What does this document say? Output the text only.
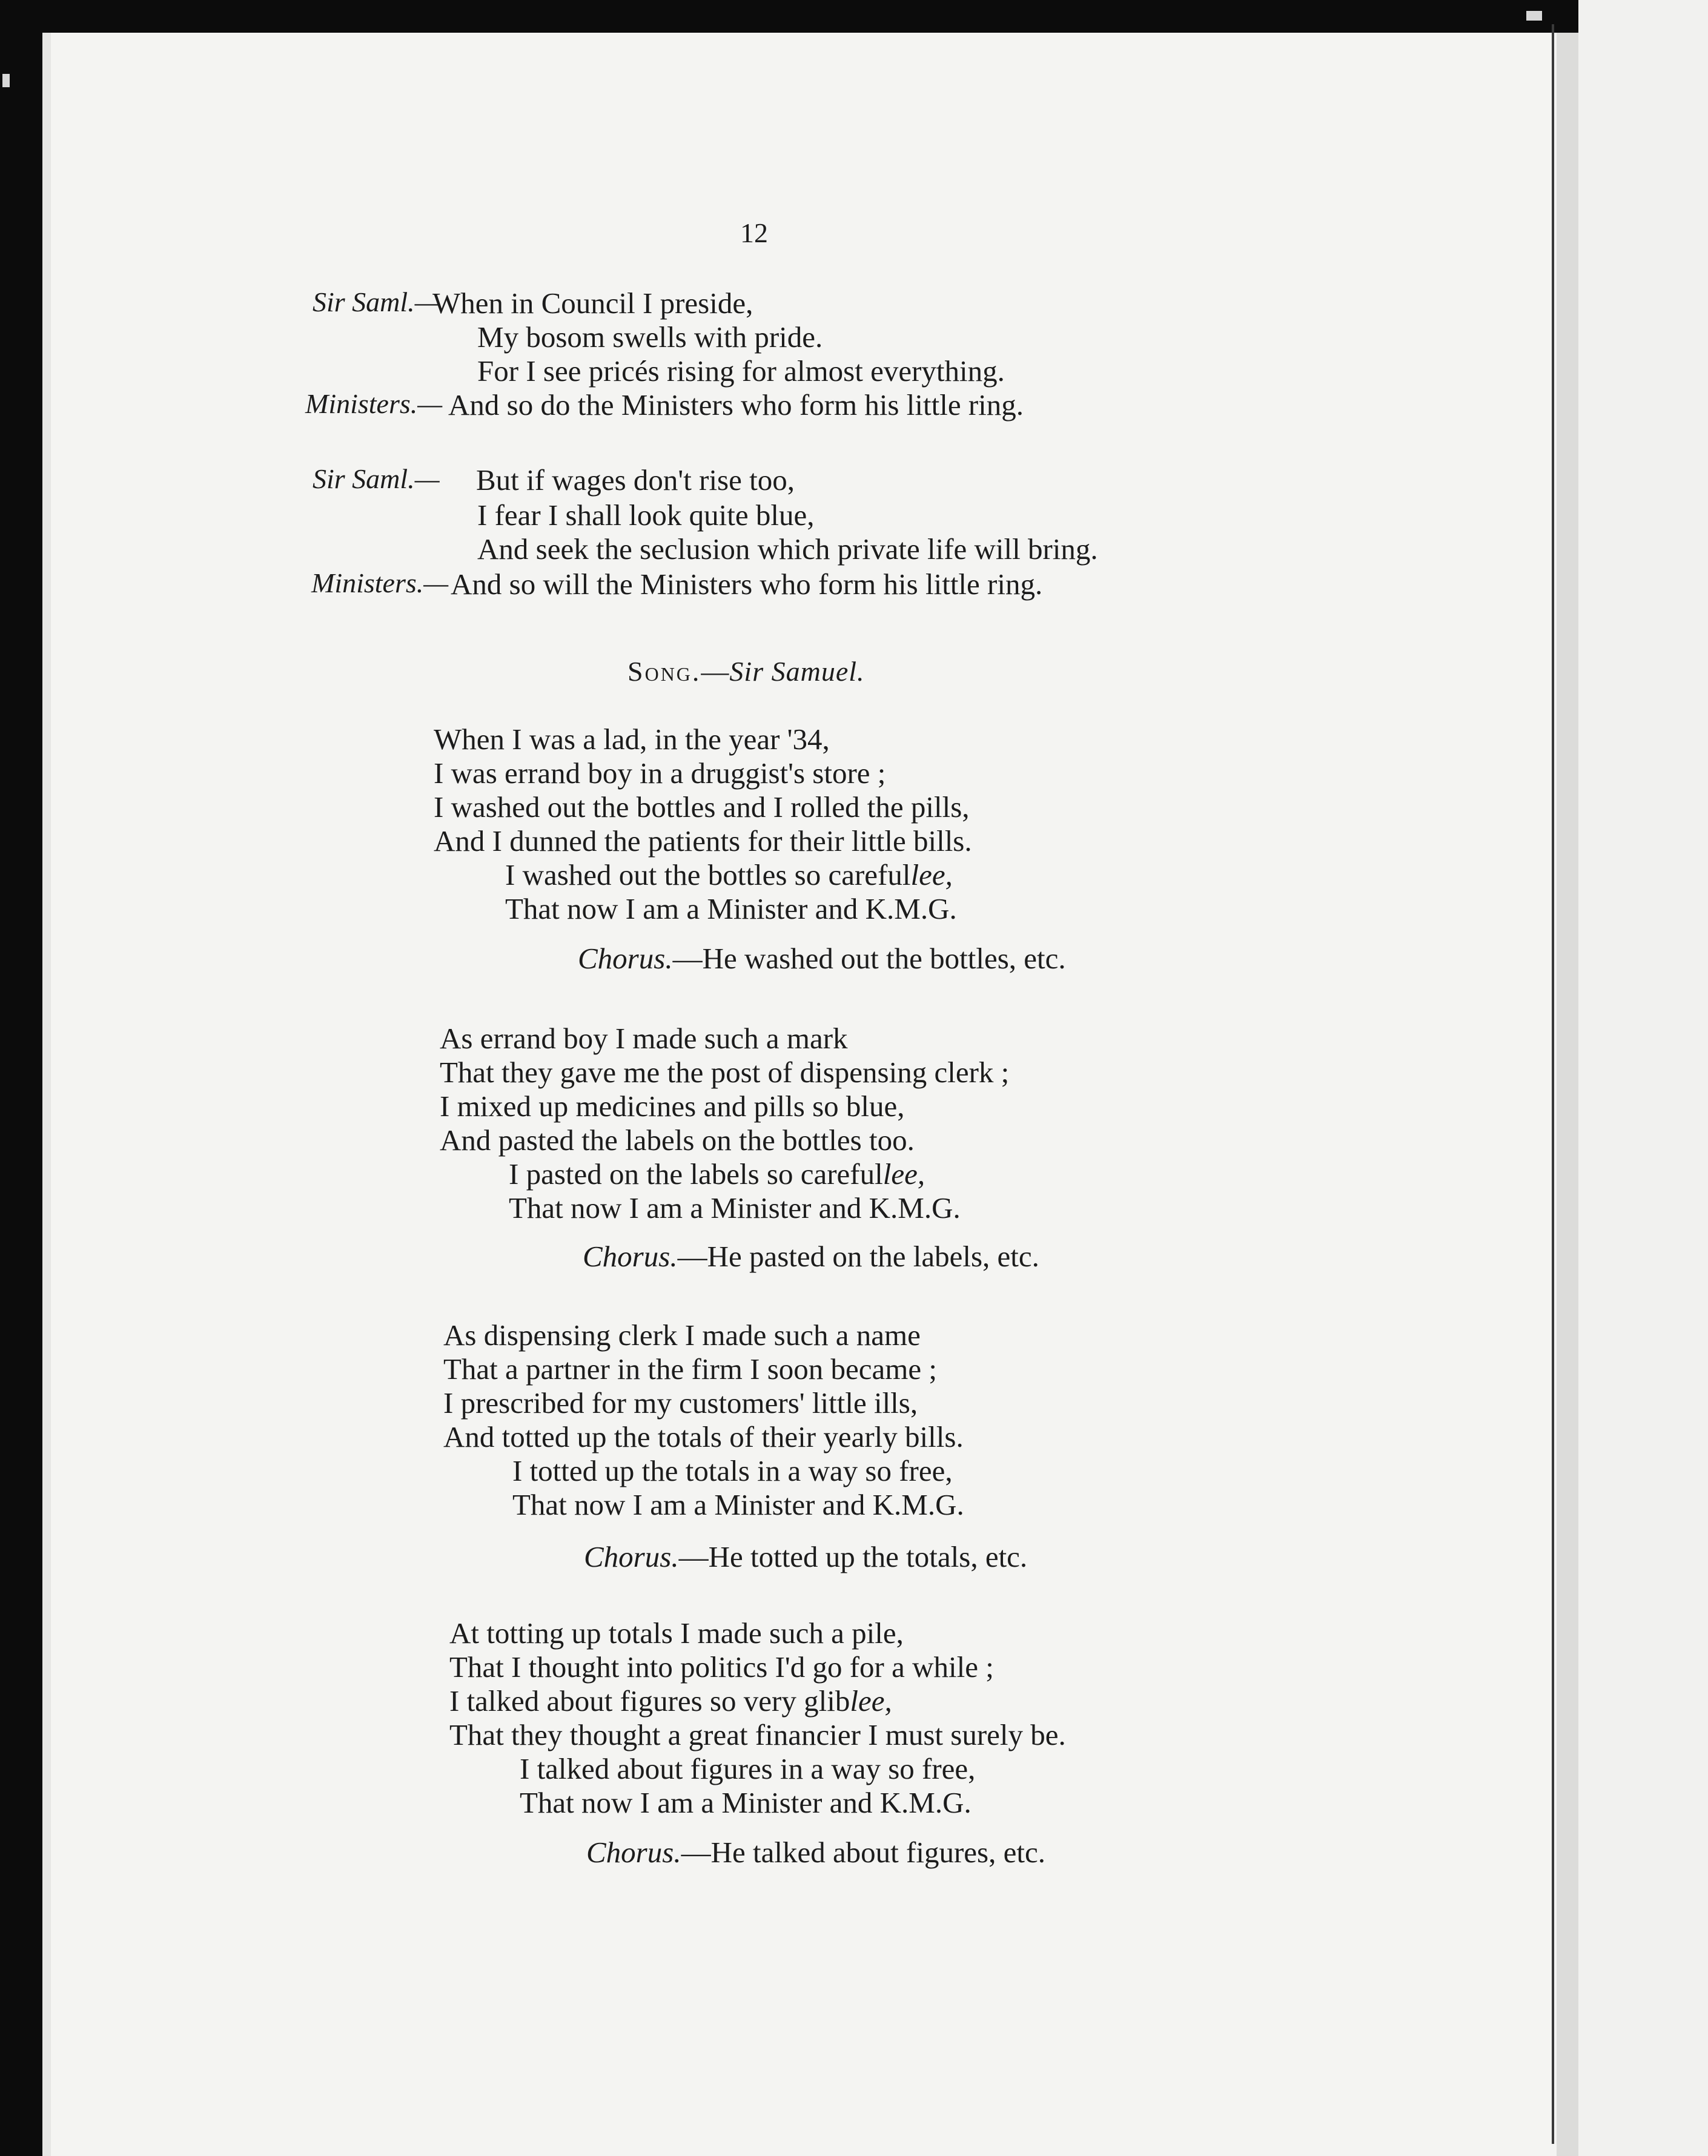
12
Sir Saml.—
When in Council I preside,
My bosom swells with pride.
For I see pricés rising for almost everything.
Ministers.— And so do the Ministers who form his little ring.
Sir Saml.— But if wages don't rise too,
I fear I shall look quite blue,
And seek the seclusion which private life will bring.
Ministers.— And so will the Ministers who form his little ring.
Song.—Sir Samuel.
When I was a lad, in the year '34,
I was errand boy in a druggist's store ;
I washed out the bottles and I rolled the pills,
And I dunned the patients for their little bills.
I washed out the bottles so carefullee,
That now I am a Minister and K.M.G.
Chorus.—He washed out the bottles, etc.
As errand boy I made such a mark
That they gave me the post of dispensing clerk ;
I mixed up medicines and pills so blue,
And pasted the labels on the bottles too.
I pasted on the labels so carefullee,
That now I am a Minister and K.M.G.
Chorus.—He pasted on the labels, etc.
As dispensing clerk I made such a name
That a partner in the firm I soon became ;
I prescribed for my customers' little ills,
And totted up the totals of their yearly bills.
I totted up the totals in a way so free,
That now I am a Minister and K.M.G.
Chorus.—He totted up the totals, etc.
At totting up totals I made such a pile,
That I thought into politics I'd go for a while ;
I talked about figures so very gliblee,
That they thought a great financier I must surely be.
I talked about figures in a way so free,
That now I am a Minister and K.M.G.
Chorus.—He talked about figures, etc.
